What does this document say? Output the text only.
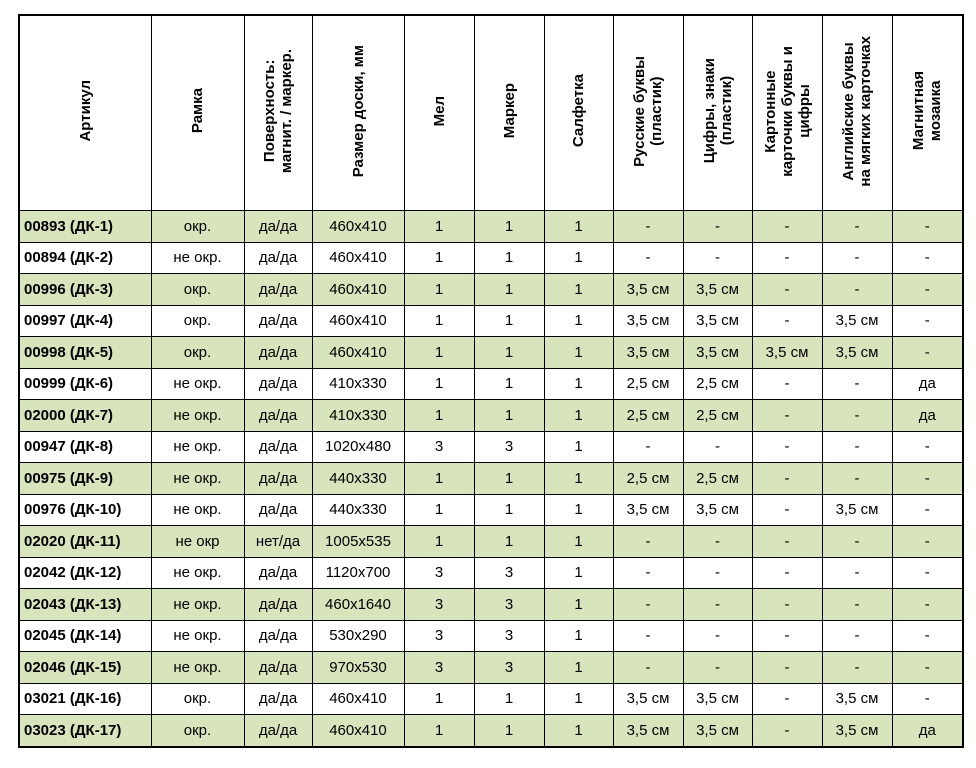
Артикул	Рамка	Поверхность:
магнит. / маркер.	Размер доски, мм	Мел	Маркер	Салфетка	Русские буквы
(пластик)	Цифры, знаки
(пластик)	Картонные
карточки буквы и
цифры	Английские буквы
на мягких карточках	Магнитная
мозаика
00893 (ДК-1)	окр.	да/да	460x410	1	1	1	-	-	-	-	-
00894 (ДК-2)	не окр.	да/да	460x410	1	1	1	-	-	-	-	-
00996 (ДК-3)	окр.	да/да	460x410	1	1	1	3,5 см	3,5 см	-	-	-
00997 (ДК-4)	окр.	да/да	460x410	1	1	1	3,5 см	3,5 см	-	3,5 см	-
00998 (ДК-5)	окр.	да/да	460x410	1	1	1	3,5 см	3,5 см	3,5 см	3,5 см	-
00999 (ДК-6)	не окр.	да/да	410x330	1	1	1	2,5 см	2,5 см	-	-	да
02000 (ДК-7)	не окр.	да/да	410x330	1	1	1	2,5 см	2,5 см	-	-	да
00947 (ДК-8)	не окр.	да/да	1020x480	3	3	1	-	-	-	-	-
00975 (ДК-9)	не окр.	да/да	440x330	1	1	1	2,5 см	2,5 см	-	-	-
00976 (ДК-10)	не окр.	да/да	440x330	1	1	1	3,5 см	3,5 см	-	3,5 см	-
02020 (ДК-11)	не окр	нет/да	1005x535	1	1	1	-	-	-	-	-
02042 (ДК-12)	не окр.	да/да	1120x700	3	3	1	-	-	-	-	-
02043 (ДК-13)	не окр.	да/да	460x1640	3	3	1	-	-	-	-	-
02045 (ДК-14)	не окр.	да/да	530x290	3	3	1	-	-	-	-	-
02046 (ДК-15)	не окр.	да/да	970x530	3	3	1	-	-	-	-	-
03021 (ДК-16)	окр.	да/да	460x410	1	1	1	3,5 см	3,5 см	-	3,5 см	-
03023 (ДК-17)	окр.	да/да	460x410	1	1	1	3,5 см	3,5 см	-	3,5 см	да
